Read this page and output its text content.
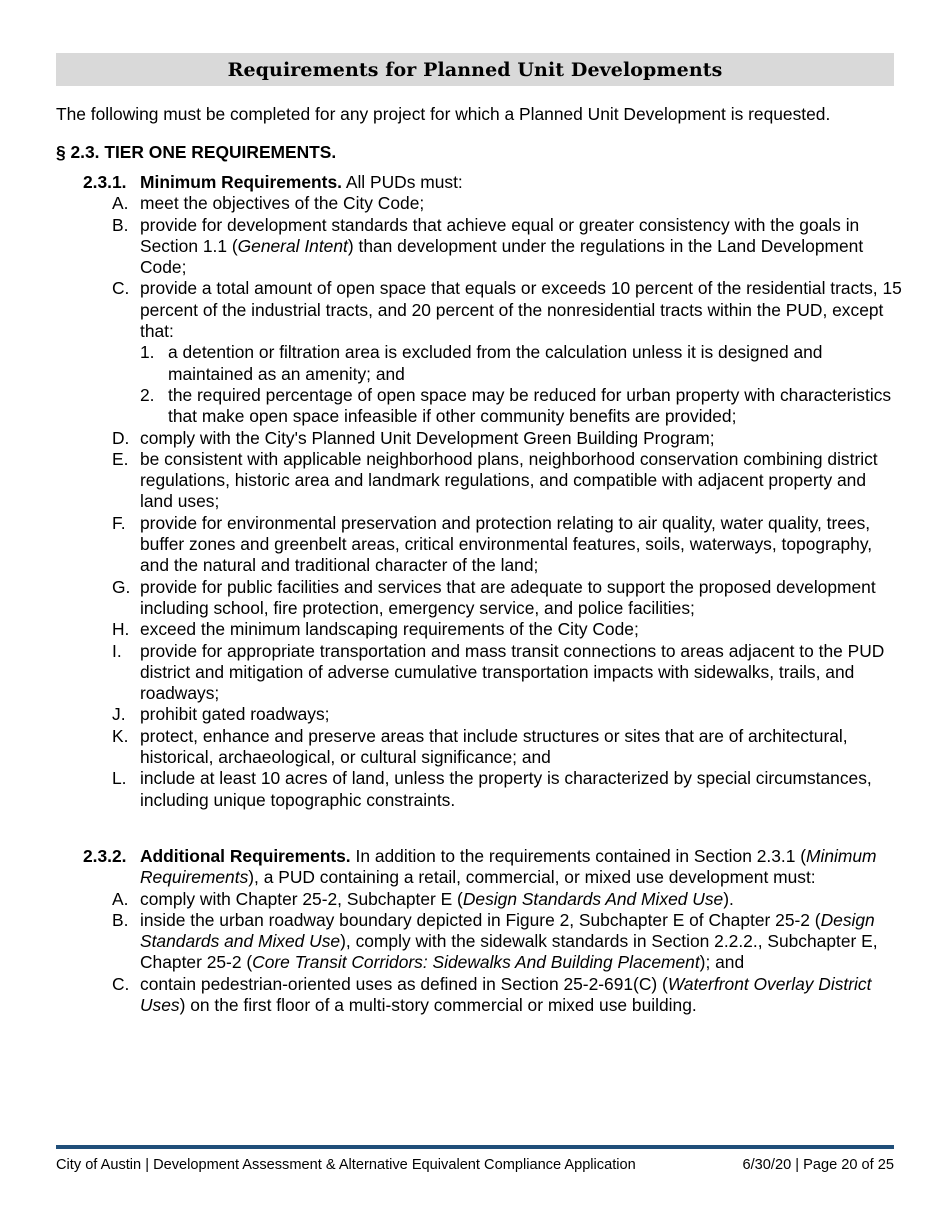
Requirements for Planned Unit Developments
The following must be completed for any project for which a Planned Unit Development is requested.
§ 2.3. TIER ONE REQUIREMENTS.
2.3.1. Minimum Requirements. All PUDs must:
A. meet the objectives of the City Code;
B. provide for development standards that achieve equal or greater consistency with the goals in Section 1.1 (General Intent) than development under the regulations in the Land Development Code;
C. provide a total amount of open space that equals or exceeds 10 percent of the residential tracts, 15 percent of the industrial tracts, and 20 percent of the nonresidential tracts within the PUD, except that:
1. a detention or filtration area is excluded from the calculation unless it is designed and maintained as an amenity; and
2. the required percentage of open space may be reduced for urban property with characteristics that make open space infeasible if other community benefits are provided;
D. comply with the City's Planned Unit Development Green Building Program;
E. be consistent with applicable neighborhood plans, neighborhood conservation combining district regulations, historic area and landmark regulations, and compatible with adjacent property and land uses;
F. provide for environmental preservation and protection relating to air quality, water quality, trees, buffer zones and greenbelt areas, critical environmental features, soils, waterways, topography, and the natural and traditional character of the land;
G. provide for public facilities and services that are adequate to support the proposed development including school, fire protection, emergency service, and police facilities;
H. exceed the minimum landscaping requirements of the City Code;
I. provide for appropriate transportation and mass transit connections to areas adjacent to the PUD district and mitigation of adverse cumulative transportation impacts with sidewalks, trails, and roadways;
J. prohibit gated roadways;
K. protect, enhance and preserve areas that include structures or sites that are of architectural, historical, archaeological, or cultural significance; and
L. include at least 10 acres of land, unless the property is characterized by special circumstances, including unique topographic constraints.
2.3.2. Additional Requirements. In addition to the requirements contained in Section 2.3.1 (Minimum Requirements), a PUD containing a retail, commercial, or mixed use development must:
A. comply with Chapter 25-2, Subchapter E (Design Standards And Mixed Use).
B. inside the urban roadway boundary depicted in Figure 2, Subchapter E of Chapter 25-2 (Design Standards and Mixed Use), comply with the sidewalk standards in Section 2.2.2., Subchapter E, Chapter 25-2 (Core Transit Corridors: Sidewalks And Building Placement); and
C. contain pedestrian-oriented uses as defined in Section 25-2-691(C) (Waterfront Overlay District Uses) on the first floor of a multi-story commercial or mixed use building.
City of Austin | Development Assessment & Alternative Equivalent Compliance Application	6/30/20 | Page 20 of 25
